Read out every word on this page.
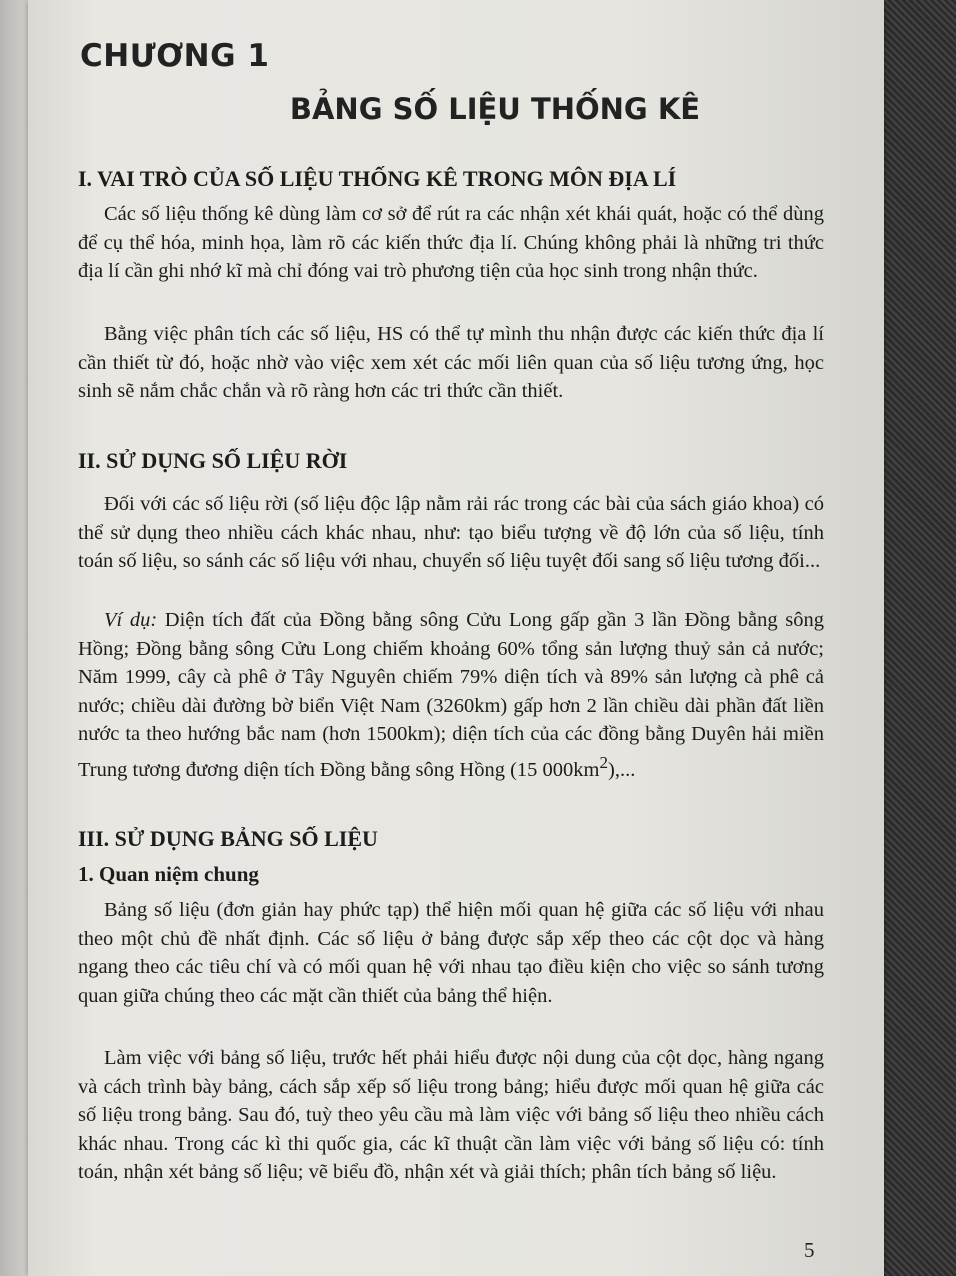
CHƯƠNG 1
BẢNG SỐ LIỆU THỐNG KÊ
I. VAI TRÒ CỦA SỐ LIỆU THỐNG KÊ TRONG MÔN ĐỊA LÍ

Các số liệu thống kê dùng làm cơ sở để rút ra các nhận xét khái quát, hoặc có thể dùng để cụ thể hóa, minh họa, làm rõ các kiến thức địa lí. Chúng không phải là những tri thức địa lí cần ghi nhớ kĩ mà chỉ đóng vai trò phương tiện của học sinh trong nhận thức.

Bằng việc phân tích các số liệu, HS có thể tự mình thu nhận được các kiến thức địa lí cần thiết từ đó, hoặc nhờ vào việc xem xét các mối liên quan của số liệu tương ứng, học sinh sẽ nắm chắc chắn và rõ ràng hơn các tri thức cần thiết.

II. SỬ DỤNG SỐ LIỆU RỜI

Đối với các số liệu rời (số liệu độc lập nằm rải rác trong các bài của sách giáo khoa) có thể sử dụng theo nhiều cách khác nhau, như: tạo biểu tượng về độ lớn của số liệu, tính toán số liệu, so sánh các số liệu với nhau, chuyển số liệu tuyệt đối sang số liệu tương đối...

Ví dụ: Diện tích đất của Đồng bằng sông Cửu Long gấp gần 3 lần Đồng bằng sông Hồng; Đồng bằng sông Cửu Long chiếm khoảng 60% tổng sản lượng thuỷ sản cả nước; Năm 1999, cây cà phê ở Tây Nguyên chiếm 79% diện tích và 89% sản lượng cà phê cả nước; chiều dài đường bờ biển Việt Nam (3260km) gấp hơn 2 lần chiều dài phần đất liền nước ta theo hướng bắc nam (hơn 1500km); diện tích của các đồng bằng Duyên hải miền Trung tương đương diện tích Đồng bằng sông Hồng (15 $000km^2$),...

III. SỬ DỤNG BẢNG SỐ LIỆU
1. Quan niệm chung

Bảng số liệu (đơn giản hay phức tạp) thể hiện mối quan hệ giữa các số liệu với nhau theo một chủ đề nhất định. Các số liệu ở bảng được sắp xếp theo các cột dọc và hàng ngang theo các tiêu chí và có mối quan hệ với nhau tạo điều kiện cho việc so sánh tương quan giữa chúng theo các mặt cần thiết của bảng thể hiện.

Làm việc với bảng số liệu, trước hết phải hiểu được nội dung của cột dọc, hàng ngang và cách trình bày bảng, cách sắp xếp số liệu trong bảng; hiểu được mối quan hệ giữa các số liệu trong bảng. Sau đó, tuỳ theo yêu cầu mà làm việc với bảng số liệu theo nhiều cách khác nhau. Trong các kì thi quốc gia, các kĩ thuật cần làm việc với bảng số liệu có: tính toán, nhận xét bảng số liệu; vẽ biểu đồ, nhận xét và giải thích; phân tích bảng số liệu.

5
